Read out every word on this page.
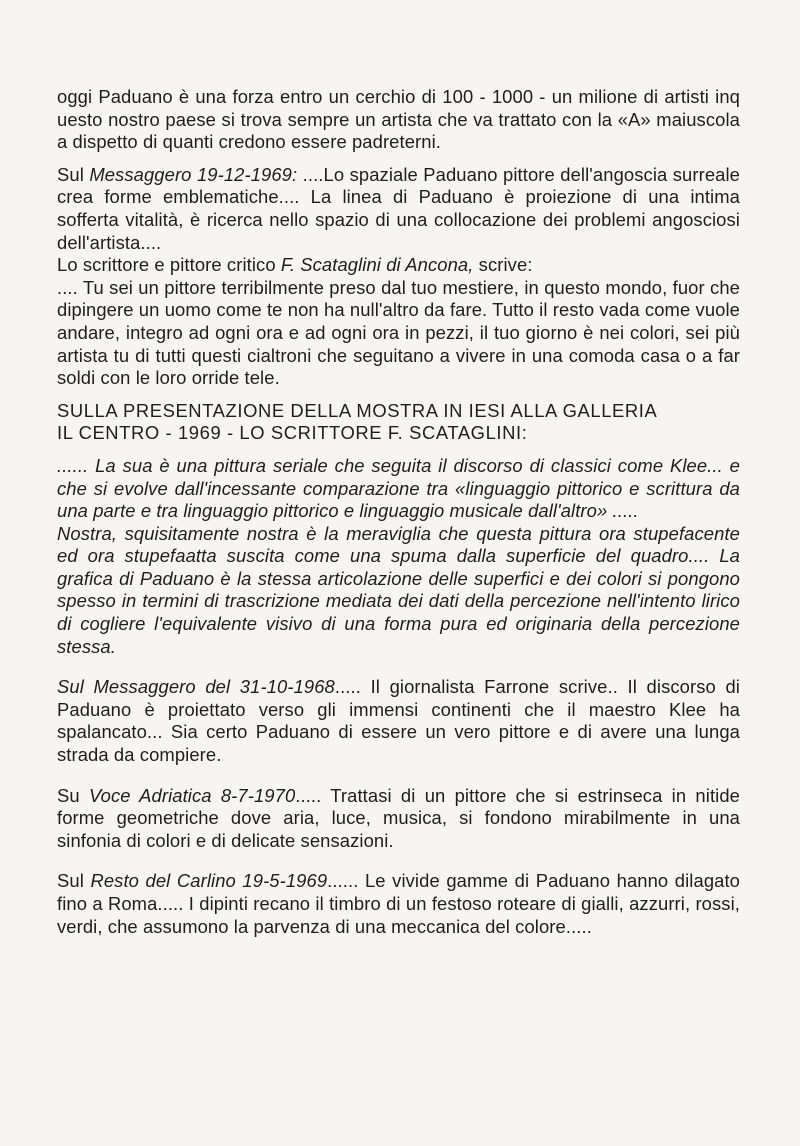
oggi Paduano è una forza entro un cerchio di 100 - 1000 - un milione di artisti inq uesto nostro paese si trova sempre un artista che va trattato con la «A» maiuscola a dispetto di quanti credono essere padreterni.

Sul Messaggero 19-12-1969: ....Lo spaziale Paduano pittore dell'angoscia surreale crea forme emblematiche.... La linea di Paduano è proiezione di una intima sofferta vitalità, è ricerca nello spazio di una collocazione dei problemi angosciosi dell'artista....

Lo scrittore e pittore critico F. Scataglini di Ancona, scrive:

.... Tu sei un pittore terribilmente preso dal tuo mestiere, in questo mondo, fuor che dipingere un uomo come te non ha null'altro da fare. Tutto il resto vada come vuole andare, integro ad ogni ora e ad ogni ora in pezzi, il tuo giorno è nei colori, sei più artista tu di tutti questi cialtroni che seguitano a vivere in una comoda casa o a far soldi con le loro orride tele.

SULLA PRESENTAZIONE DELLA MOSTRA IN IESI ALLA GALLERIA

IL CENTRO - 1969 - LO SCRITTORE F. SCATAGLINI:

...... La sua è una pittura seriale che seguita il discorso di classici come Klee... e che si evolve dall'incessante comparazione tra «linguaggio pittorico e scrittura da una parte e tra linguaggio pittorico e linguaggio musicale dall'altro» .....

Nostra, squisitamente nostra è la meraviglia che questa pittura ora stupefacente ed ora stupefaatta suscita come una spuma dalla superficie del quadro.... La grafica di Paduano è la stessa articolazione delle superfici e dei colori si pongono spesso in termini di trascrizione mediata dei dati della percezione nell'intento lirico di cogliere l'equivalente visivo di una forma pura ed originaria della percezione stessa.

Sul Messaggero del 31-10-1968..... Il giornalista Farrone scrive.. Il discorso di Paduano è proiettato verso gli immensi continenti che il maestro Klee ha spalancato... Sia certo Paduano di essere un vero pittore e di avere una lunga strada da compiere.

Su Voce Adriatica 8-7-1970..... Trattasi di un pittore che si estrinseca in nitide forme geometriche dove aria, luce, musica, si fondono mirabilmente in una sinfonia di colori e di delicate sensazioni.

Sul Resto del Carlino 19-5-1969...... Le vivide gamme di Paduano hanno dilagato fino a Roma..... I dipinti recano il timbro di un festoso roteare di gialli, azzurri, rossi, verdi, che assumono la parvenza di una meccanica del colore.....
